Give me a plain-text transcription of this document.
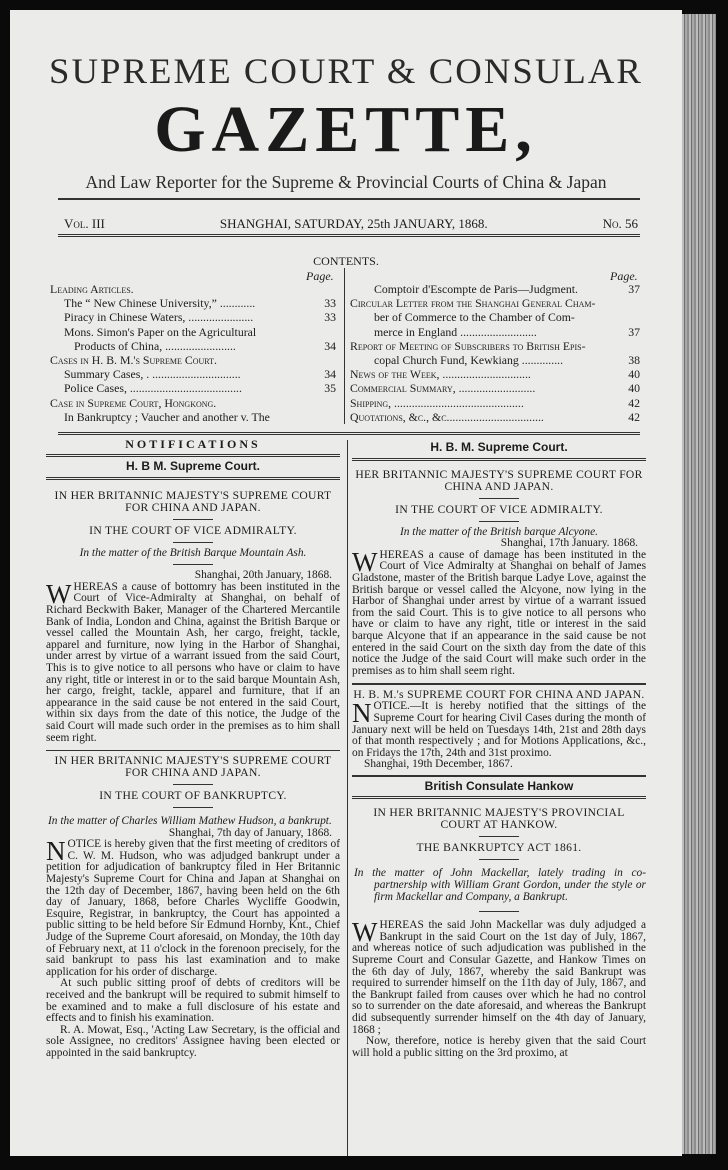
SUPREME COURT & CONSULAR
GAZETTE,
And Law Reporter for the Supreme & Provincial Courts of China & Japan
Vol. III	SHANGHAI, SATURDAY, 25th JANUARY, 1868.	No. 56
CONTENTS.
Page.	Page.
Leading Articles.
The “ New Chinese University,” ............	33
Piracy in Chinese Waters, ......................	33
Mons. Simon's Paper on the Agricultural
Products of China, ........................	34
Cases in H. B. M.'s Supreme Court.
Summary Cases, . ..............................	34
Police Cases, ......................................	35
Case in Supreme Court, Hongkong.
In Bankruptcy ; Vaucher and another v. The
Comptoir d'Escompte de Paris—Judgment.	37
Circular Letter from the Shanghai General Cham-
ber of Commerce to the Chamber of Com-
merce in England ..........................	37
Report of Meeting of Subscribers to British Epis-
copal Church Fund, Kewkiang ..............	38
News of the Week, ..............................	40
Commercial Summary, ..........................	40
Shipping, ............................................	42
Quotations, &c., &c.................................	42
NOTIFICATIONS
H. B M. Supreme Court.
IN HER BRITANNIC MAJESTY'S SUPREME COURT FOR CHINA AND JAPAN.
IN THE COURT OF VICE ADMIRALTY.

In the matter of the British Barque Mountain Ash.

Shanghai, 20th January, 1868.

WHEREAS a cause of bottomry has been instituted in the Court of Vice-Admiralty at Shanghai, on behalf of Richard Beckwith Baker, Manager of the Chartered Mercantile Bank of India, London and China, against the British Barque or vessel called the Mountain Ash, her cargo, freight, tackle, apparel and furniture, now lying in the Harbor of Shanghai, under arrest by virtue of a warrant issued from the said Court, This is to give notice to all persons who have or claim to have any right, title or interest in or to the said barque Mountain Ash, her cargo, freight, tackle, apparel and furniture, that if an appearance in the said cause be not entered in the said Court, within six days from the date of this notice, the Judge of the said Court will made such order in the premises as to him shall seem right.

IN HER BRITANNIC MAJESTY'S SUPREME COURT FOR CHINA AND JAPAN.
IN THE COURT OF BANKRUPTCY.

In the matter of Charles William Mathew Hudson, a bankrupt.

Shanghai, 7th day of January, 1868.

NOTICE is hereby given that the first meeting of creditors of C. W. M. Hudson, who was adjudged bankrupt under a petition for adjudication of bankruptcy filed in Her Britannic Majesty's Supreme Court for China and Japan at Shanghai on the 12th day of December, 1867, having been held on the 6th day of January, 1868, before Charles Wycliffe Goodwin, Esquire, Registrar, in bankruptcy, the Court has appointed a public sitting to be held before Sir Edmund Hornby, Knt., Chief Judge of the Supreme Court aforesaid, on Monday, the 10th day of February next, at 11 o'clock in the forenoon precisely, for the said bankrupt to pass his last examination and to make application for his order of discharge.

At such public sitting proof of debts of creditors will be received and the bankrupt will be required to submit himself to be examined and to make a full disclosure of his estate and effects and to finish his examination.

R. A. Mowat, Esq., 'Acting Law Secretary, is the official and sole Assignee, no creditors' Assignee having been elected or appointed in the said bankruptcy.

H. B. M. Supreme Court.
HER BRITANNIC MAJESTY'S SUPREME COURT FOR CHINA AND JAPAN.
IN THE COURT OF VICE ADMIRALTY.

In the matter of the British barque Alcyone.

Shanghai, 17th January. 1868.

WHEREAS a cause of damage has been instituted in the Court of Vice Admiralty at Shanghai on behalf of James Gladstone, master of the British barque Ladye Love, against the British barque or vessel called the Alcyone, now lying in the Harbor of Shanghai under arrest by virtue of a warrant issued from the said Court. This is to give notice to all persons who have or claim to have any right, title or interest in the said barque Alcyone that if an appearance in the said cause be not entered in the said Court on the sixth day from the date of this notice the Judge of the said Court will make such order in the premises as to him shall seem right.

H. B. M.'s SUPREME COURT FOR CHINA AND JAPAN.

NOTICE.—It is hereby notified that the sittings of the Supreme Court for hearing Civil Cases during the month of January next will be held on Tuesdays 14th, 21st and 28th days of that month respectively ; and for Motions Applications, &c., on Fridays the 17th, 24th and 31st proximo.

Shanghai, 19th December, 1867.

British Consulate Hankow
IN HER BRITANNIC MAJESTY'S PROVINCIAL COURT AT HANKOW.
THE BANKRUPTCY ACT 1861.

In the matter of John Mackellar, lately trading in co-partnership with William Grant Gordon, under the style or firm Mackellar and Company, a Bankrupt.

WHEREAS the said John Mackellar was duly adjudged a Bankrupt in the said Court on the 1st day of July, 1867, and whereas notice of such adjudication was published in the Supreme Court and Consular Gazette, and Hankow Times on the 6th day of July, 1867, whereby the said Bankrupt was required to surrender himself on the 11th day of July, 1867, and the Bankrupt failed from causes over which he had no control so to surrender on the date aforesaid, and whereas the Bankrupt did subsequently surrender himself on the 4th day of January, 1868 ;

Now, therefore, notice is hereby given that the said Court will hold a public sitting on the 3rd proximo, at
